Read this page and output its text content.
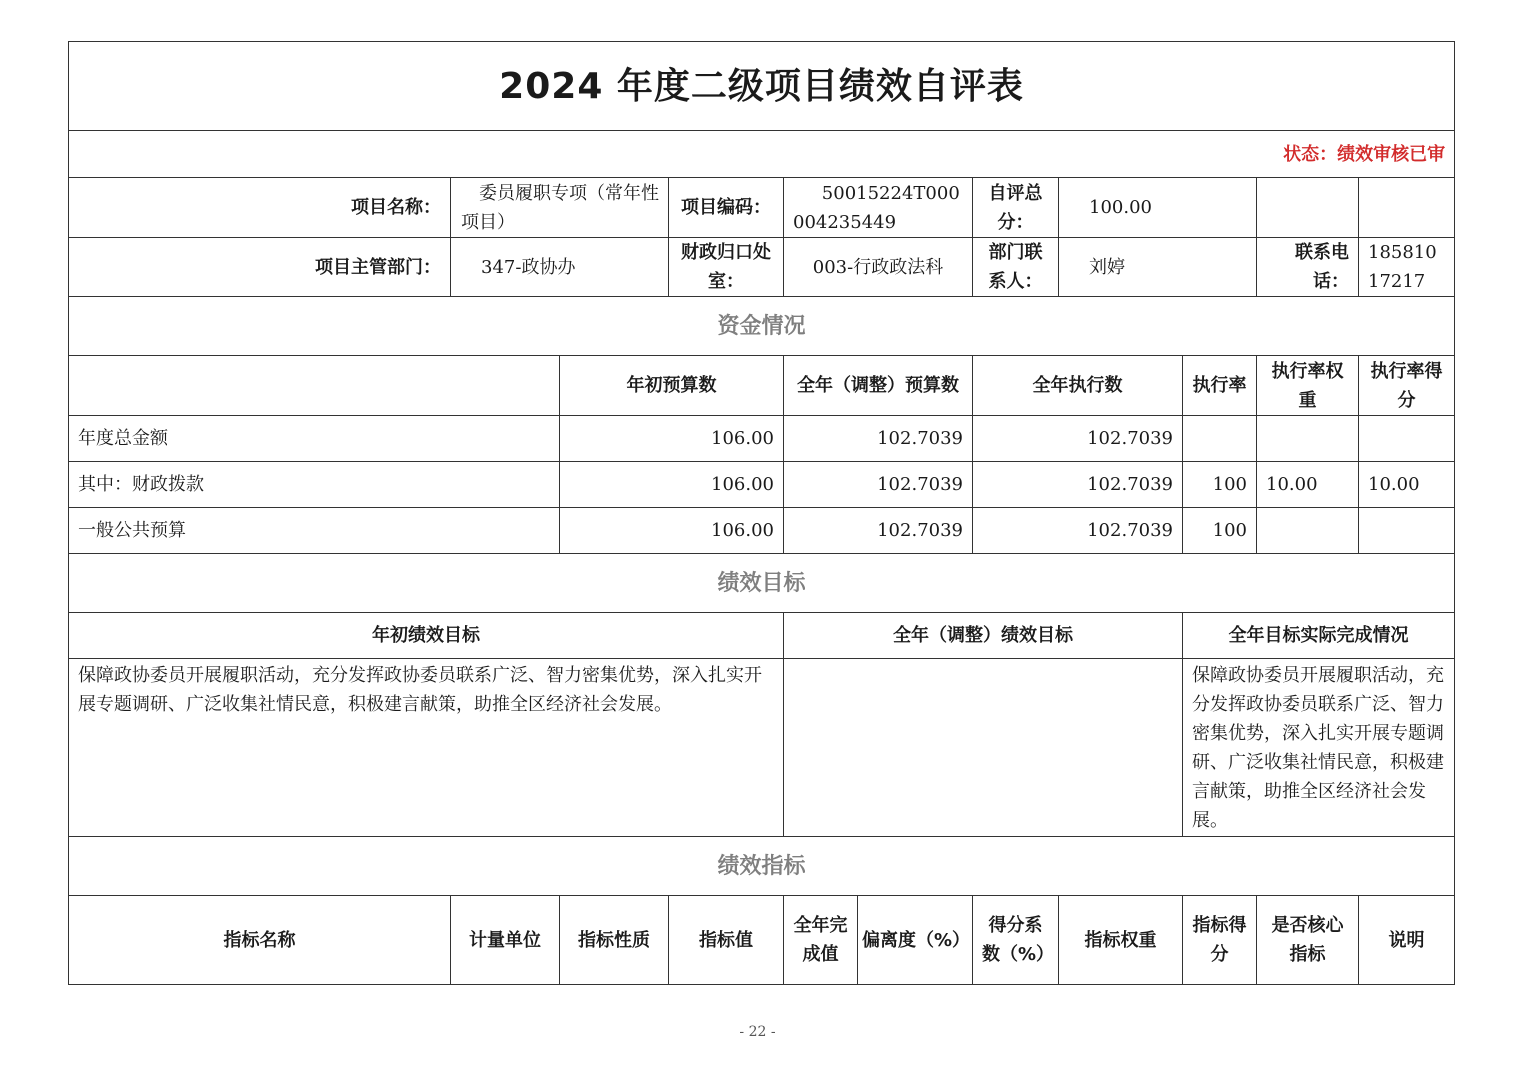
2024 年度二级项目绩效自评表										
状态：绩效审核已审										
项目名称：	委员履职专项（常年性项目）		项目编码：	50015224T000004235449		自评总分：	100.00			
项目主管部门：	347-政协办		财政归口处室：	003-行政政法科		部门联系人：	刘婷		联系电话：	18581017217
资金情况										
		年初预算数		全年（调整）预算数		全年执行数		执行率	执行率权重	执行率得分
年度总金额		106.00		102.7039		102.7039				
其中：财政拨款		106.00		102.7039		102.7039		100	10.00	10.00
一般公共预算		106.00		102.7039		102.7039		100		
绩效目标										
年初绩效目标				全年（调整）绩效目标				全年目标实际完成情况		
保障政协委员开展履职活动，充分发挥政协委员联系广泛、智力密集优势，深入扎实开展专题调研、广泛收集社情民意，积极建言献策，助推全区经济社会发展。								保障政协委员开展履职活动，充分发挥政协委员联系广泛、智力密集优势，深入扎实开展专题调研、广泛收集社情民意，积极建言献策，助推全区经济社会发展。		
绩效指标										
指标名称	计量单位	指标性质	指标值	全年完成值	偏离度（%）	得分系数（%）	指标权重	指标得分	是否核心指标	说明
- 22 -
